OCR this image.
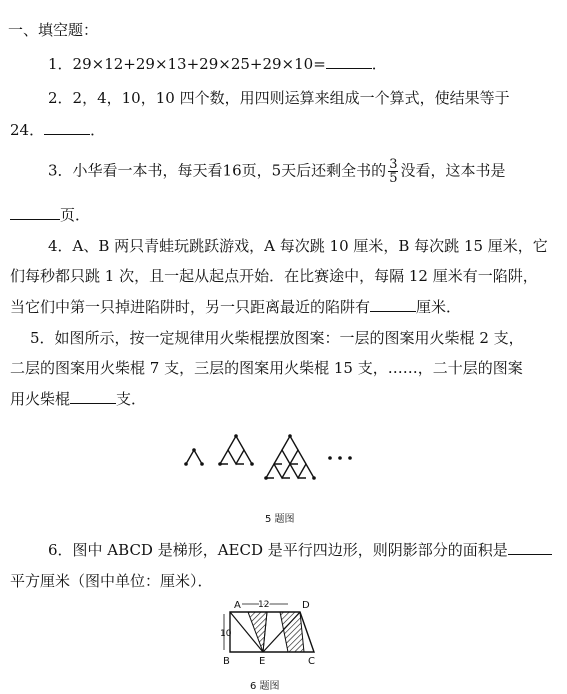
一、填空题：
1．29×12+29×13+29×25+29×10=	．
2．2，4，10，10 四个数，用四则运算来组成一个算式，使结果等于
24．	．
3．小华看一本书，每天看16页，5天后还剩全书的 $\frac{3}{5}$ 没看，这本书是
页．
4．A、B 两只青蛙玩跳跃游戏，A 每次跳 10 厘米，B 每次跳 15 厘米，它
们每秒都只跳 1 次，且一起从起点开始．在比赛途中，每隔 12 厘米有一陷阱，
当它们中第一只掉进陷阱时，另一只距离最近的陷阱有	厘米．
5．如图所示，按一定规律用火柴棍摆放图案：一层的图案用火柴棍 2 支，
二层的图案用火柴棍 7 支，三层的图案用火柴棍 15 支，……，二十层的图案
用火柴棍	支．
5 题图
6．图中 ABCD 是梯形，AECD 是平行四边形，则阴影部分的面积是
平方厘米（图中单位：厘米）．
A	D
B	E	C
12
10
6 题图
